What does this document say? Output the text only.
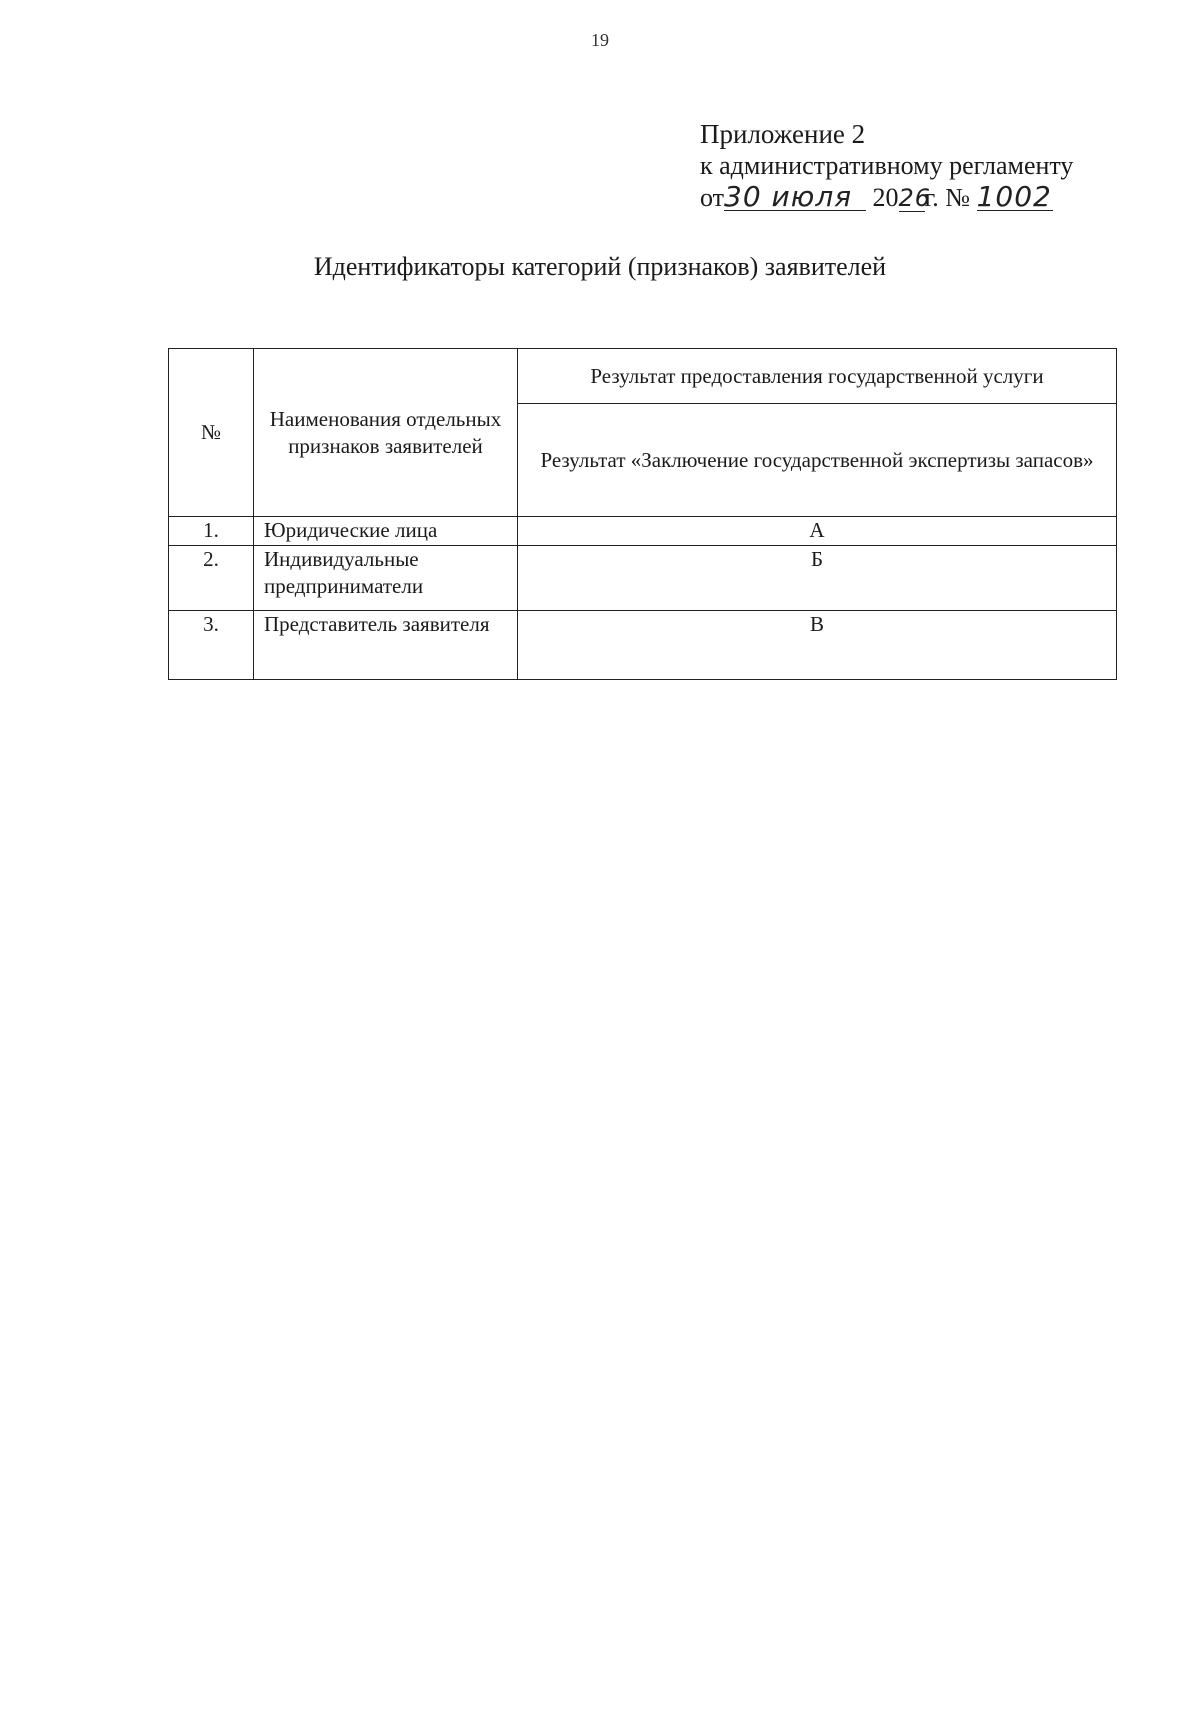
19
Приложение 2
к административному регламенту
от30 июля 2026г. № 1002
Идентификаторы категорий (признаков) заявителей
№	Наименования отдельных признаков заявителей	Результат предоставления государственной услуги
		Результат «Заключение государственной экспертизы запасов»
1.	Юридические лица	А
2.	Индивидуальные предприниматели	Б
3.	Представитель заявителя	В
